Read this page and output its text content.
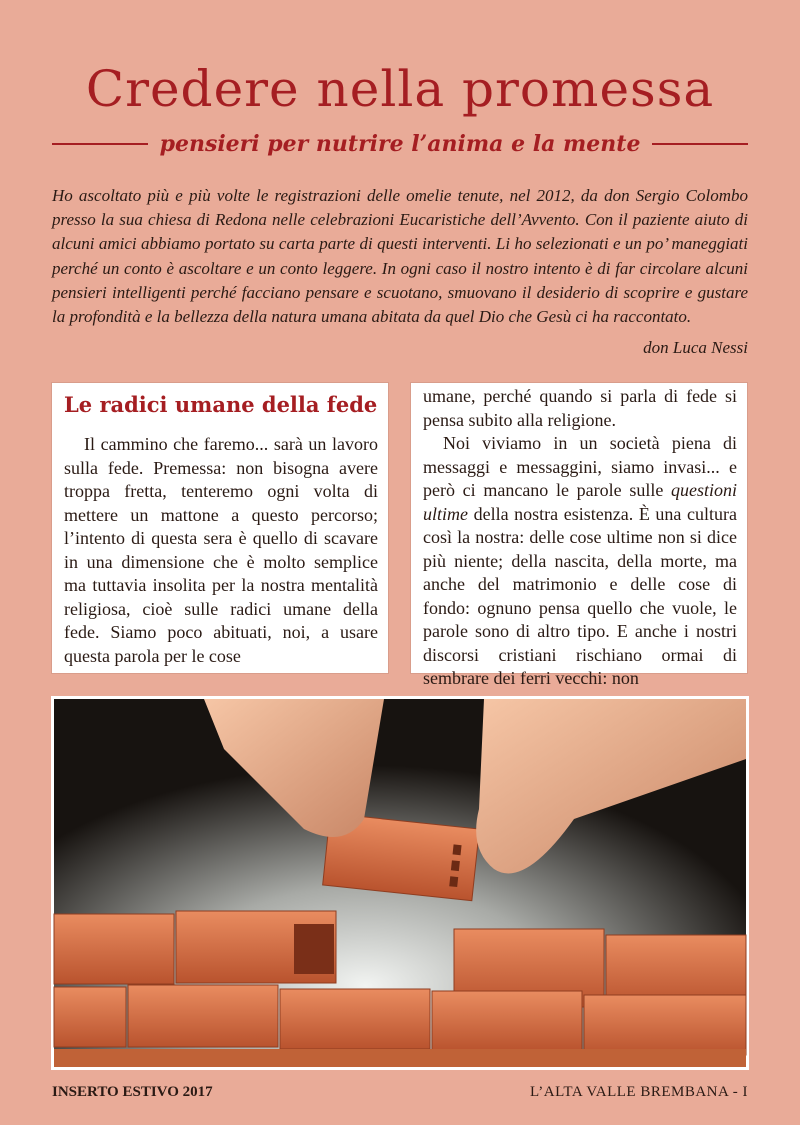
Credere nella promessa
pensieri per nutrire l’anima e la mente

Ho ascoltato più e più volte le registrazioni delle omelie tenute, nel 2012, da don Sergio Colombo presso la sua chiesa di Redona nelle celebrazioni Eucaristiche dell’Avvento. Con il paziente aiuto di alcuni amici abbiamo portato su carta parte di questi interventi. Li ho selezionati e un po’ maneggiati perché un conto è ascoltare e un conto leggere. In ogni caso il nostro intento è di far circolare alcuni pensieri intelligenti perché facciano pensare e scuotano, smuovano il desiderio di scoprire e gustare la profondità e la bellezza della natura umana abitata da quel Dio che Gesù ci ha raccontato.

don Luca Nessi
Le radici umane della fede

Il cammino che faremo... sarà un lavoro sulla fede. Premessa: non bisogna avere troppa fretta, tenteremo ogni volta di mettere un mattone a questo percorso; l’intento di questa sera è quello di scavare in una dimensione che è molto semplice ma tuttavia insolita per la nostra mentalità religiosa, cioè sulle radici umane della fede. Siamo poco abituati, noi, a usare questa parola per le cose

umane, perché quando si parla di fede si pensa subito alla religione.

Noi viviamo in un società piena di messaggi e messaggini, siamo invasi... e però ci mancano le parole sulle questioni ultime della nostra esistenza. È una cultura così la nostra: delle cose ultime non si dice più niente; della nascita, della morte, ma anche del matrimonio e delle cose di fondo: ognuno pensa quello che vuole, le parole sono di altro tipo. E anche i nostri discorsi cristiani rischiano ormai di sembrare dei ferri vecchi: non

INSERTO ESTIVO 2017	L’ALTA VALLE BREMBANA - I
